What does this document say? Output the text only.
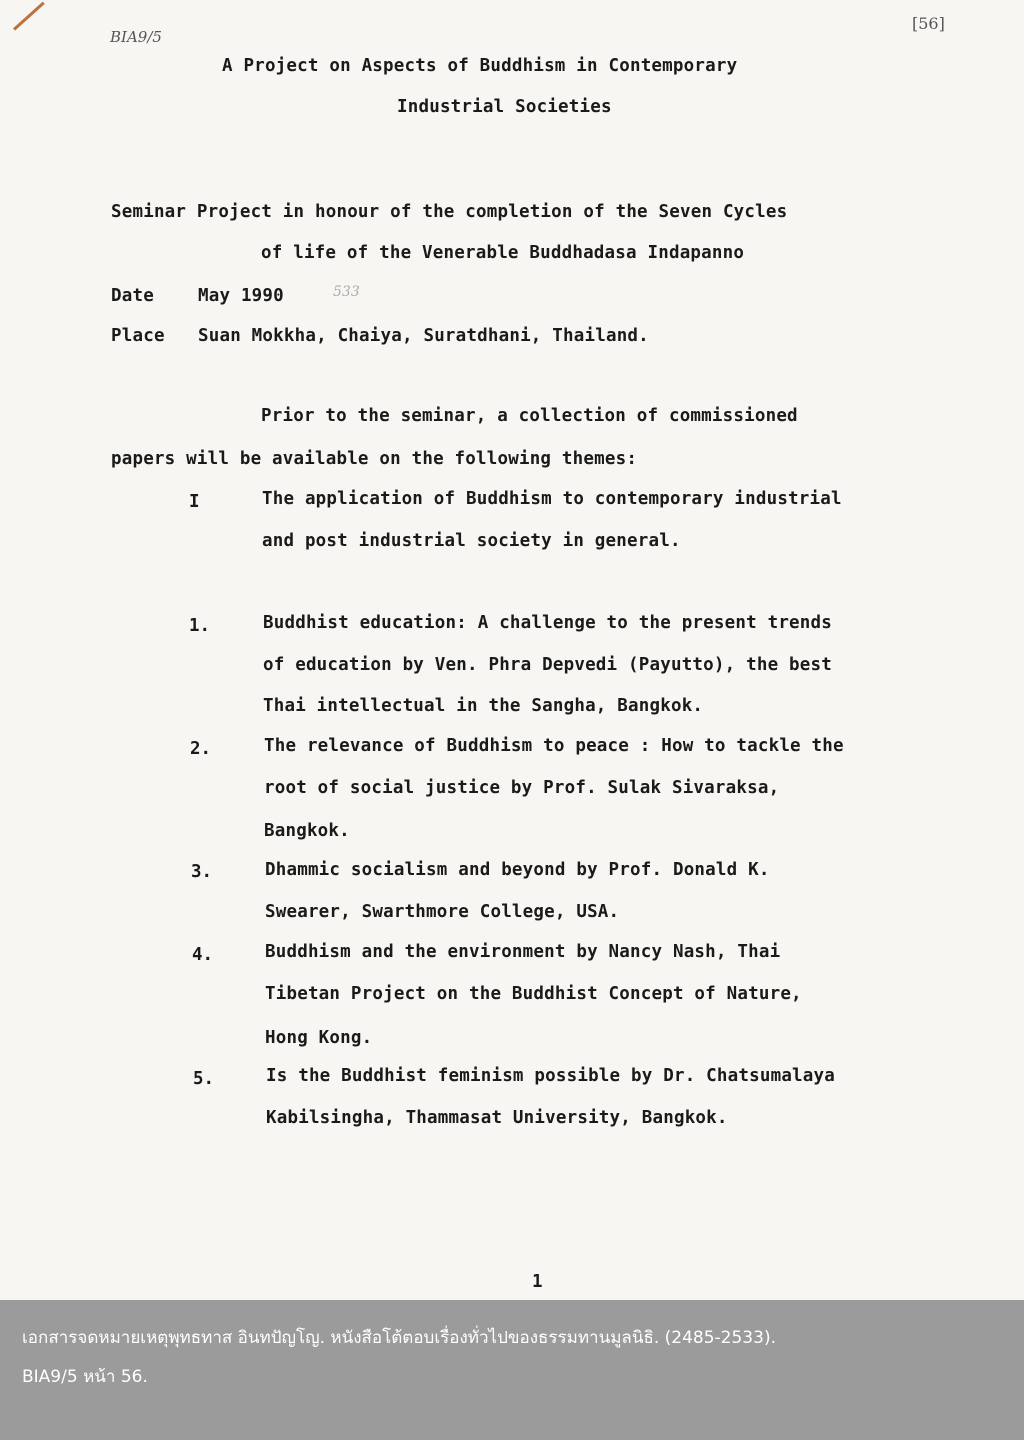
BIA9/5
[56]
A Project on Aspects of Buddhism in Contemporary
Industrial Societies
Seminar Project in honour of the completion of the Seven Cycles
of life of the Venerable Buddhadasa Indapanno
Date	May 1990	533
Place Suan Mokkha, Chaiya, Suratdhani, Thailand.
Prior to the seminar, a collection of commissioned
papers will be available on the following themes:
I	The application of Buddhism to contemporary industrial
and post industrial society in general.
1.	Buddhist education: A challenge to the present trends
of education by Ven. Phra Depvedi (Payutto), the best
Thai intellectual in the Sangha, Bangkok.
2.	The relevance of Buddhism to peace : How to tackle the
root of social justice by Prof. Sulak Sivaraksa,
Bangkok.
3.	Dhammic socialism and beyond by Prof. Donald K.
Swearer, Swarthmore College, USA.
4.	Buddhism and the environment by Nancy Nash, Thai
Tibetan Project on the Buddhist Concept of Nature,
Hong Kong.
5.	Is the Buddhist feminism possible by Dr. Chatsumalaya
Kabilsingha, Thammasat University, Bangkok.
1
เอกสารจดหมายเหตุพุทธทาส อินทปัญโญ. หนังสือโต้ตอบเรื่องทั่วไปของธรรมทานมูลนิธิ. (2485-2533).
BIA9/5 หน้า 56.
